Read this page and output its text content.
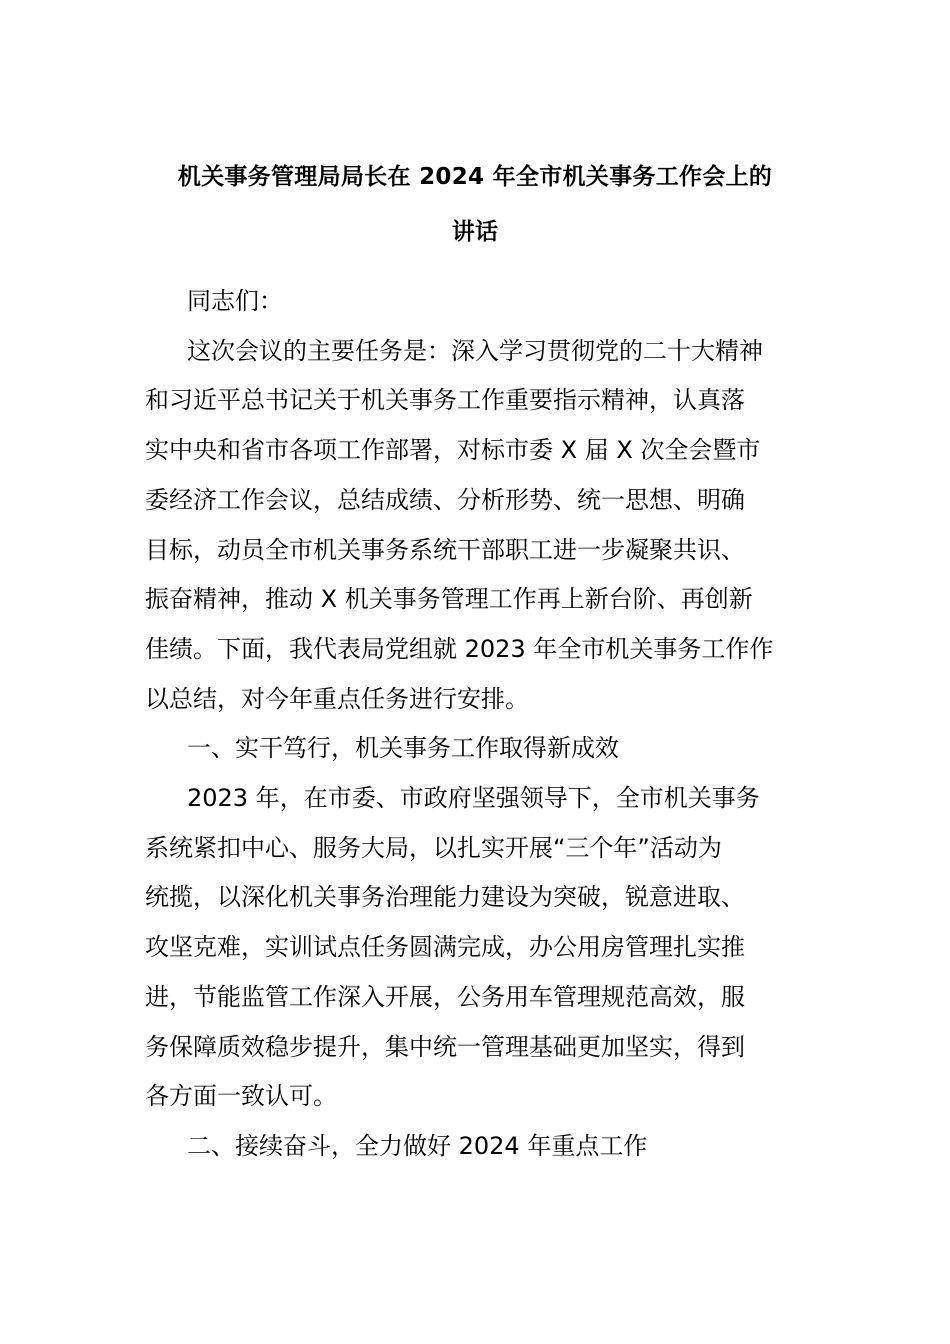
机关事务管理局局长在 2024 年全市机关事务工作会上的
讲话

同志们：

这次会议的主要任务是：深入学习贯彻党的二十大精神
和习近平总书记关于机关事务工作重要指示精神，认真落
实中央和省市各项工作部署，对标市委 X 届 X 次全会暨市
委经济工作会议，总结成绩、分析形势、统一思想、明确
目标，动员全市机关事务系统干部职工进一步凝聚共识、
振奋精神，推动 X 机关事务管理工作再上新台阶、再创新
佳绩。下面，我代表局党组就 2023 年全市机关事务工作作
以总结，对今年重点任务进行安排。

一、实干笃行，机关事务工作取得新成效

2023 年，在市委、市政府坚强领导下，全市机关事务
系统紧扣中心、服务大局，以扎实开展“三个年”活动为
统揽，以深化机关事务治理能力建设为突破，锐意进取、
攻坚克难，实训试点任务圆满完成，办公用房管理扎实推
进，节能监管工作深入开展，公务用车管理规范高效，服
务保障质效稳步提升，集中统一管理基础更加坚实，得到
各方面一致认可。

二、接续奋斗，全力做好 2024 年重点工作
